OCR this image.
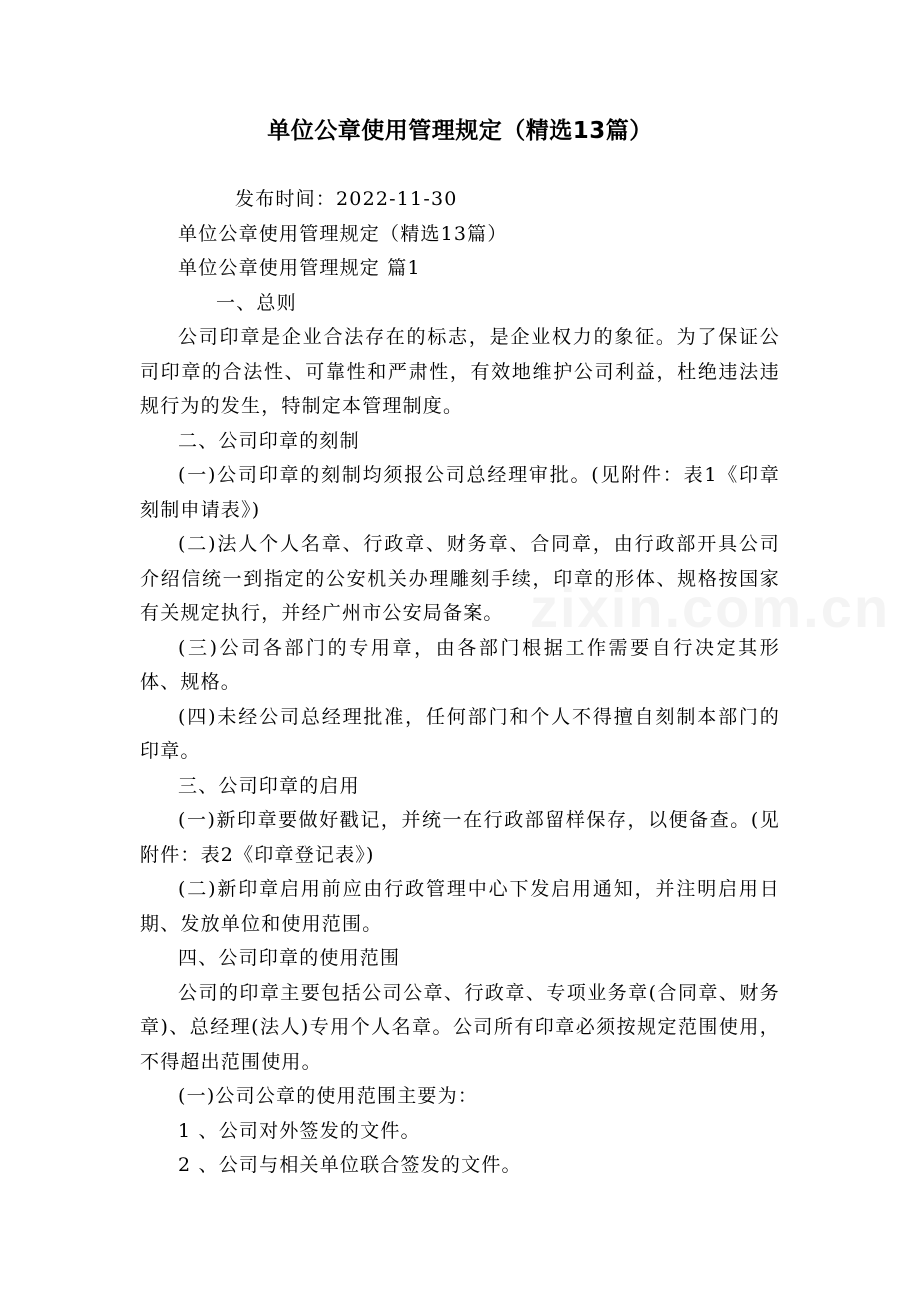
单位公章使用管理规定（精选13篇）
zixin.com.cn

发布时间：2022-11-30

单位公章使用管理规定（精选13篇）

单位公章使用管理规定 篇1

一、总则

公司印章是企业合法存在的标志，是企业权力的象征。为了保证公司印章的合法性、可靠性和严肃性，有效地维护公司利益，杜绝违法违规行为的发生，特制定本管理制度。

二、公司印章的刻制

(一)公司印章的刻制均须报公司总经理审批。(见附件：表1《印章刻制申请表》)

(二)法人个人名章、行政章、财务章、合同章，由行政部开具公司介绍信统一到指定的公安机关办理雕刻手续，印章的形体、规格按国家有关规定执行，并经广州市公安局备案。

(三)公司各部门的专用章，由各部门根据工作需要自行决定其形体、规格。

(四)未经公司总经理批准，任何部门和个人不得擅自刻制本部门的印章。

三、公司印章的启用

(一)新印章要做好戳记，并统一在行政部留样保存，以便备查。(见附件：表2《印章登记表》)

(二)新印章启用前应由行政管理中心下发启用通知，并注明启用日期、发放单位和使用范围。

四、公司印章的使用范围

公司的印章主要包括公司公章、行政章、专项业务章(合同章、财务章)、总经理(法人)专用个人名章。公司所有印章必须按规定范围使用，不得超出范围使用。

(一)公司公章的使用范围主要为：

1 、公司对外签发的文件。

2 、公司与相关单位联合签发的文件。
